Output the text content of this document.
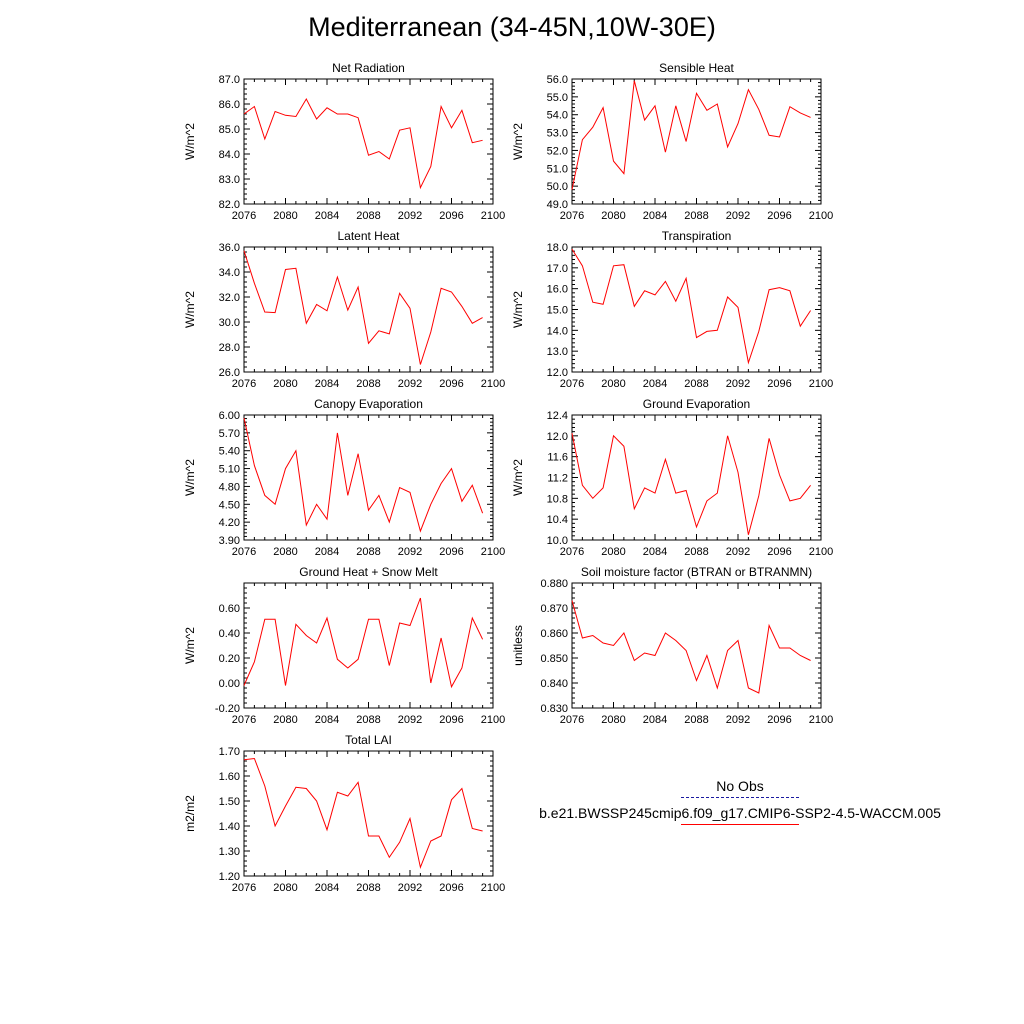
Mediterranean (34-45N,10W-30E)
2076 2080 2084 2088 2092 2096 2100
82.0
83.0
84.0
85.0
86.0
87.0
Net Radiation
W/m^2
2076 2080 2084 2088 2092 2096 2100
49.0
50.0
51.0
52.0
53.0
54.0
55.0
56.0
Sensible Heat
W/m^2
2076 2080 2084 2088 2092 2096 2100
26.0
28.0
30.0
32.0
34.0
36.0
Latent Heat
W/m^2
2076 2080 2084 2088 2092 2096 2100
12.0
13.0
14.0
15.0
16.0
17.0
18.0
Transpiration
W/m^2
2076 2080 2084 2088 2092 2096 2100
3.90
4.20
4.50
4.80
5.10
5.40
5.70
6.00
Canopy Evaporation
W/m^2
2076 2080 2084 2088 2092 2096 2100
10.0
10.4
10.8
11.2
11.6
12.0
12.4
Ground Evaporation
W/m^2
2076 2080 2084 2088 2092 2096 2100
-0.20
0.00
0.20
0.40
0.60
Ground Heat + Snow Melt
W/m^2
2076 2080 2084 2088 2092 2096 2100
0.830
0.840
0.850
0.860
0.870
0.880
Soil moisture factor (BTRAN or BTRANMN)
unitless
2076 2080 2084 2088 2092 2096 2100
1.20
1.30
1.40
1.50
1.60
1.70
Total LAI
m2/m2
No Obs
b.e21.BWSSP245cmip6.f09_g17.CMIP6-SSP2-4.5-WACCM.005
